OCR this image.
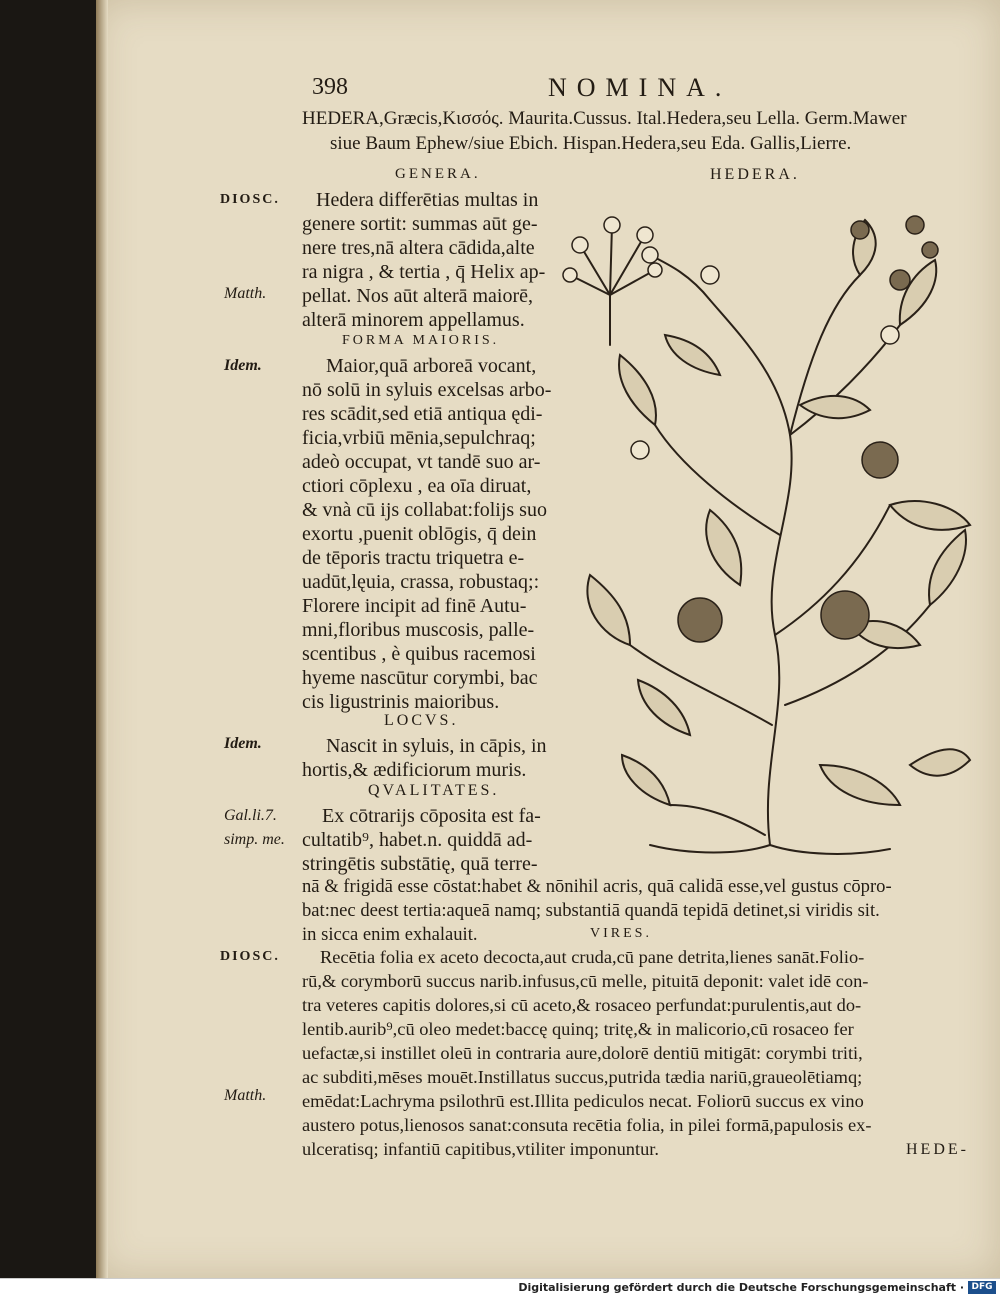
398	NOMINA.
HEDERA,Græcis,Κισσός. Maurita.Cussus. Ital.Hedera,seu Lella. Germ.Mawer
siue Baum Ephew/siue Ebich. Hispan.Hedera,seu Eda. Gallis,Lierre.
GENERA.	HEDERA.
DIOSC.
Matth.
Idem.
Idem.
Gal.li.7.
simp. me.
DIOSC.
Matth.
Hedera differētias multas in
genere sortit: summas aūt ge-
nere tres,nā altera cādida,alte
ra nigra , & tertia , q̄ Helix ap-
pellat. Nos aūt alterā maiorē,
alterā minorem appellamus.
FORMA MAIORIS.
Maior,quā arboreā vocant,
nō solū in syluis excelsas arbo-
res scādit,sed etiā antiqua ędi-
ficia,vrbiū mēnia,sepulchraq;
adeò occupat, vt tandē suo ar-
ctiori cōplexu , ea oīa diruat,
& vnà cū ijs collabat:folijs suo
exortu ,puenit oblōgis, q̄ dein
de tēporis tractu triquetra e-
uadūt,lęuia, crassa, robustaq;:
Florere incipit ad finē Autu-
mni,floribus muscosis, palle-
scentibus , è quibus racemosi
hyeme nascūtur corymbi, bac
cis ligustrinis maioribus.
LOCVS.
Nascit in syluis, in cāpis, in
hortis,& ædificiorum muris.
QVALITATES.
Ex cōtrarijs cōposita est fa-
cultatib⁹, habet.n. quiddā ad-
stringētis substātię, quā terre-
nā & frigidā esse cōstat:habet & nōnihil acris, quā calidā esse,vel gustus cōpro-
bat:nec deest tertia:aqueā namq; substantiā quandā tepidā detinet,si viridis sit.
in sicca enim exhalauit.	VIRES.
Recētia folia ex aceto decocta,aut cruda,cū pane detrita,lienes sanāt.Folio-
rū,& corymborū succus narib.infusus,cū melle, pituitā deponit: valet idē con-
tra veteres capitis dolores,si cū aceto,& rosaceo perfundat:purulentis,aut do-
lentib.aurib⁹,cū oleo medet:baccę quinq; tritę,& in malicorio,cū rosaceo fer
uefactæ,si instillet oleū in contraria aure,dolorē dentiū mitigāt: corymbi triti,
ac subditi,mēses mouēt.Instillatus succus,putrida tædia nariū,graueolētiamq;
emēdat:Lachryma psilothrū est.Illita pediculos necat. Foliorū succus ex vino
austero potus,lienosos sanat:consuta recētia folia, in pilei formā,papulosis ex-
ulceratisq; infantiū capitibus,vtiliter imponuntur.	HEDE-
Digitalisierung gefördert durch die Deutsche Forschungsgemeinschaft · DFG
